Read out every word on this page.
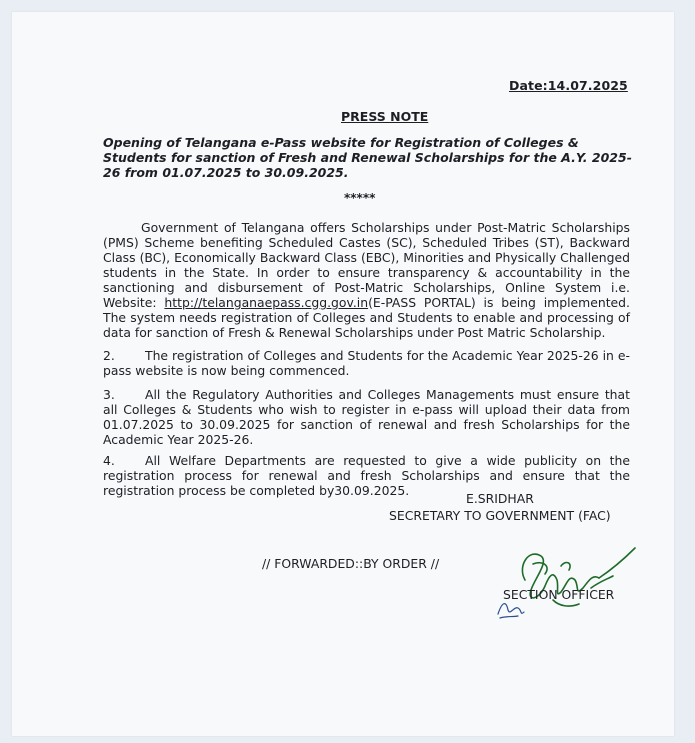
Date:14.07.2025
PRESS NOTE
Opening of Telangana e-Pass website for Registration of Colleges & Students for sanction of Fresh and Renewal Scholarships for the A.Y. 2025-26 from 01.07.2025 to 30.09.2025.
*****
Government of Telangana offers Scholarships under Post-Matric Scholarships (PMS) Scheme benefiting Scheduled Castes (SC), Scheduled Tribes (ST), Backward Class (BC), Economically Backward Class (EBC), Minorities and Physically Challenged students in the State. In order to ensure transparency & accountability in the sanctioning and disbursement of Post-Matric Scholarships, Online System i.e. Website: http://telanganaepass.cgg.gov.in(E-PASS PORTAL) is being implemented. The system needs registration of Colleges and Students to enable and processing of data for sanction of Fresh & Renewal Scholarships under Post Matric Scholarship.
2. The registration of Colleges and Students for the Academic Year 2025-26 in e-pass website is now being commenced.
3. All the Regulatory Authorities and Colleges Managements must ensure that all Colleges & Students who wish to register in e-pass will upload their data from 01.07.2025 to 30.09.2025 for sanction of renewal and fresh Scholarships for the Academic Year 2025-26.
4. All Welfare Departments are requested to give a wide publicity on the registration process for renewal and fresh Scholarships and ensure that the registration process be completed by30.09.2025.
E.SRIDHAR
SECRETARY TO GOVERNMENT (FAC)
// FORWARDED::BY ORDER //
SECTION OFFICER
